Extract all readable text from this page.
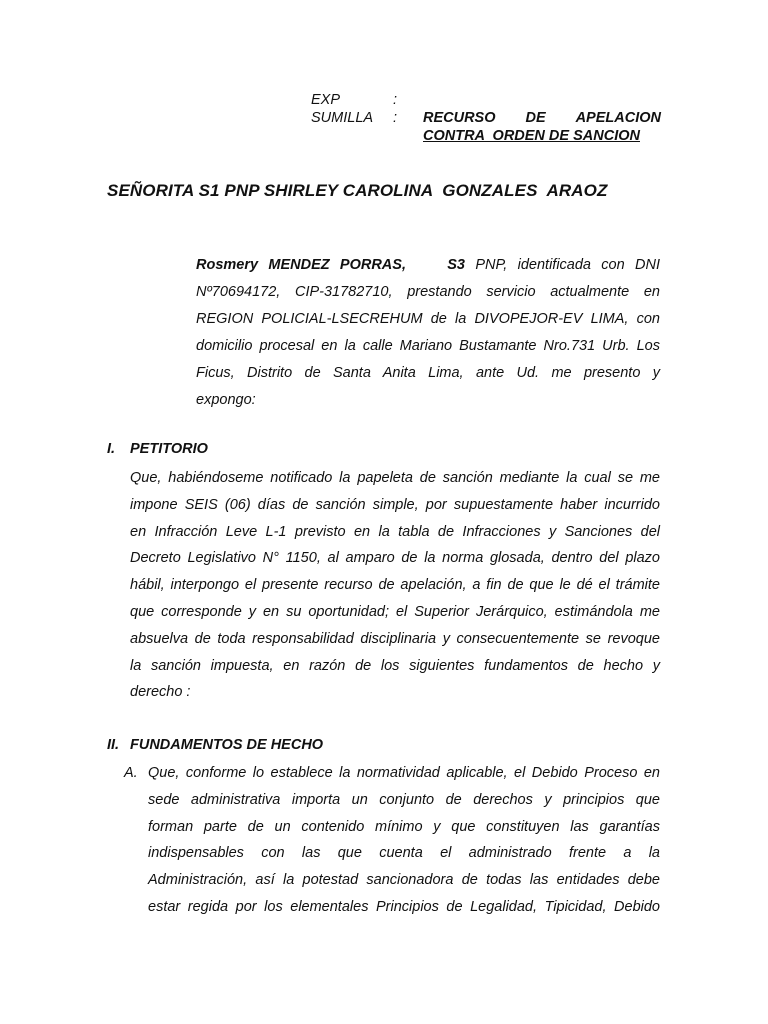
EXP	:
SUMILLA	:	RECURSO DE APELACION
CONTRA  ORDEN DE SANCION
SEÑORITA S1 PNP SHIRLEY CAROLINA  GONZALES  ARAOZ
Rosmery MENDEZ PORRAS,	S3 PNP, identificada con DNI
Nº70694172, CIP-31782710, prestando servicio actualmente en
REGION POLICIAL-LSECREHUM de la DIVOPEJOR-EV LIMA, con
domicilio procesal en la calle Mariano Bustamante Nro.731 Urb. Los
Ficus, Distrito de Santa Anita Lima, ante Ud. me presento y
expongo:
I. PETITORIO
Que, habiéndoseme notificado la papeleta de sanción mediante la cual se me
impone SEIS (06) días de sanción simple, por supuestamente haber incurrido
en Infracción Leve L-1 previsto en la tabla de Infracciones y Sanciones del
Decreto Legislativo N° 1150, al amparo de la norma glosada, dentro del plazo
hábil, interpongo el presente recurso de apelación, a fin de que le dé el trámite
que corresponde y en su oportunidad; el Superior Jerárquico, estimándola me
absuelva de toda responsabilidad disciplinaria y consecuentemente se revoque
la sanción impuesta, en razón de los siguientes fundamentos de hecho y
derecho :
II. FUNDAMENTOS DE HECHO
A. Que, conforme lo establece la normatividad aplicable, el Debido Proceso en
sede administrativa importa un conjunto de derechos y principios que
forman parte de un contenido mínimo y que constituyen las garantías
indispensables con las que cuenta el administrado frente a la
Administración, así la potestad sancionadora de todas las entidades debe
estar regida por los elementales Principios de Legalidad, Tipicidad, Debido
